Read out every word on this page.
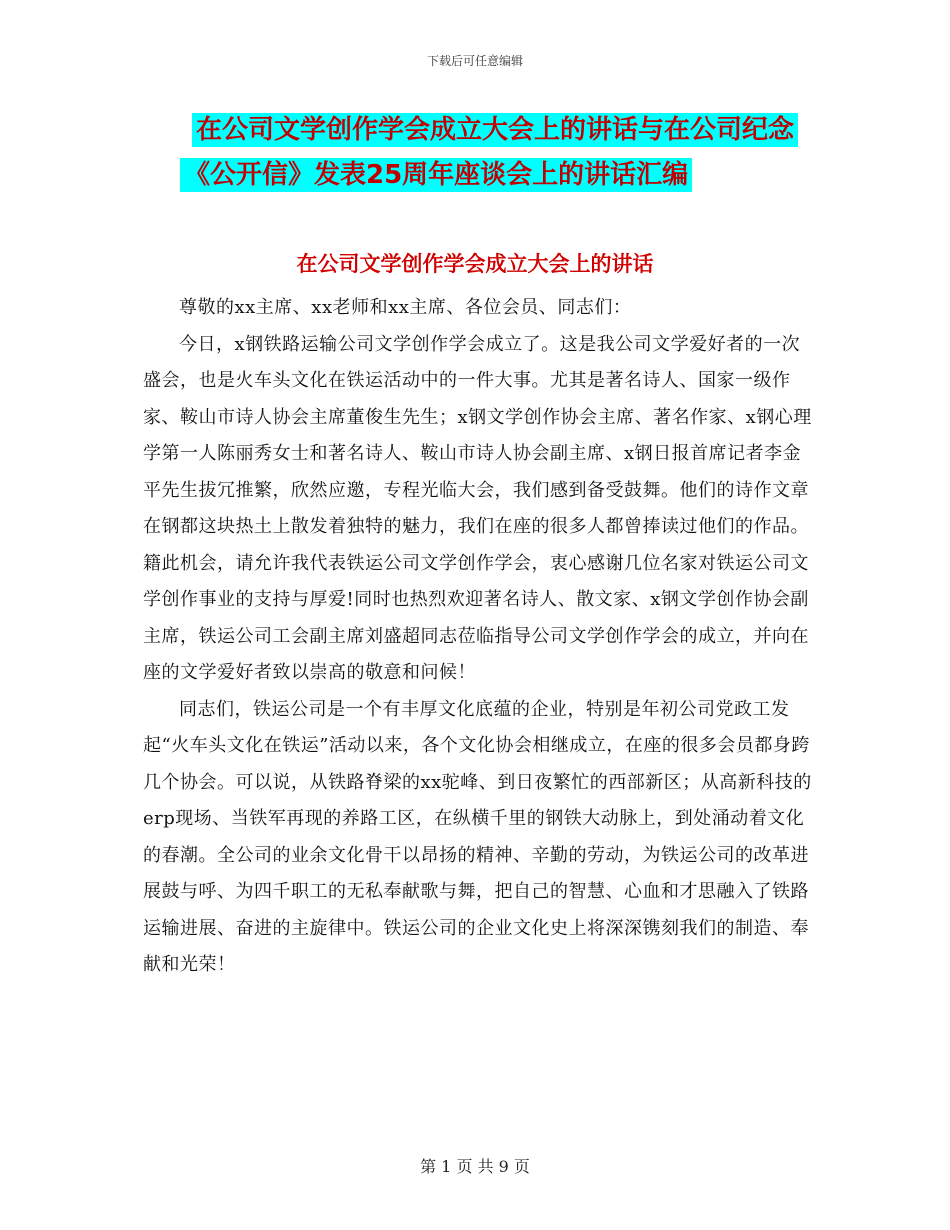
下载后可任意编辑
在公司文学创作学会成立大会上的讲话与在公司纪念
《公开信》发表25周年座谈会上的讲话汇编
在公司文学创作学会成立大会上的讲话

尊敬的xx主席、xx老师和xx主席、各位会员、同志们：

今日，x钢铁路运输公司文学创作学会成立了。这是我公司文学爱好者的一次盛会，也是火车头文化在铁运活动中的一件大事。尤其是著名诗人、国家一级作家、鞍山市诗人协会主席董俊生先生；x钢文学创作协会主席、著名作家、x钢心理学第一人陈丽秀女士和著名诗人、鞍山市诗人协会副主席、x钢日报首席记者李金平先生拔冗推繁，欣然应邀，专程光临大会，我们感到备受鼓舞。他们的诗作文章在钢都这块热土上散发着独特的魅力，我们在座的很多人都曾捧读过他们的作品。籍此机会，请允许我代表铁运公司文学创作学会，衷心感谢几位名家对铁运公司文学创作事业的支持与厚爱!同时也热烈欢迎著名诗人、散文家、x钢文学创作协会副主席，铁运公司工会副主席刘盛超同志莅临指导公司文学创作学会的成立，并向在座的文学爱好者致以崇高的敬意和问候！

同志们，铁运公司是一个有丰厚文化底蕴的企业，特别是年初公司党政工发起“火车头文化在铁运”活动以来，各个文化协会相继成立，在座的很多会员都身跨几个协会。可以说，从铁路脊梁的xx驼峰、到日夜繁忙的西部新区；从高新科技的erp现场、当铁军再现的养路工区，在纵横千里的钢铁大动脉上，到处涌动着文化的春潮。全公司的业余文化骨干以昂扬的精神、辛勤的劳动，为铁运公司的改革进展鼓与呼、为四千职工的无私奉献歌与舞，把自己的智慧、心血和才思融入了铁路运输进展、奋进的主旋律中。铁运公司的企业文化史上将深深镌刻我们的制造、奉献和光荣！

第 1 页 共 9 页
